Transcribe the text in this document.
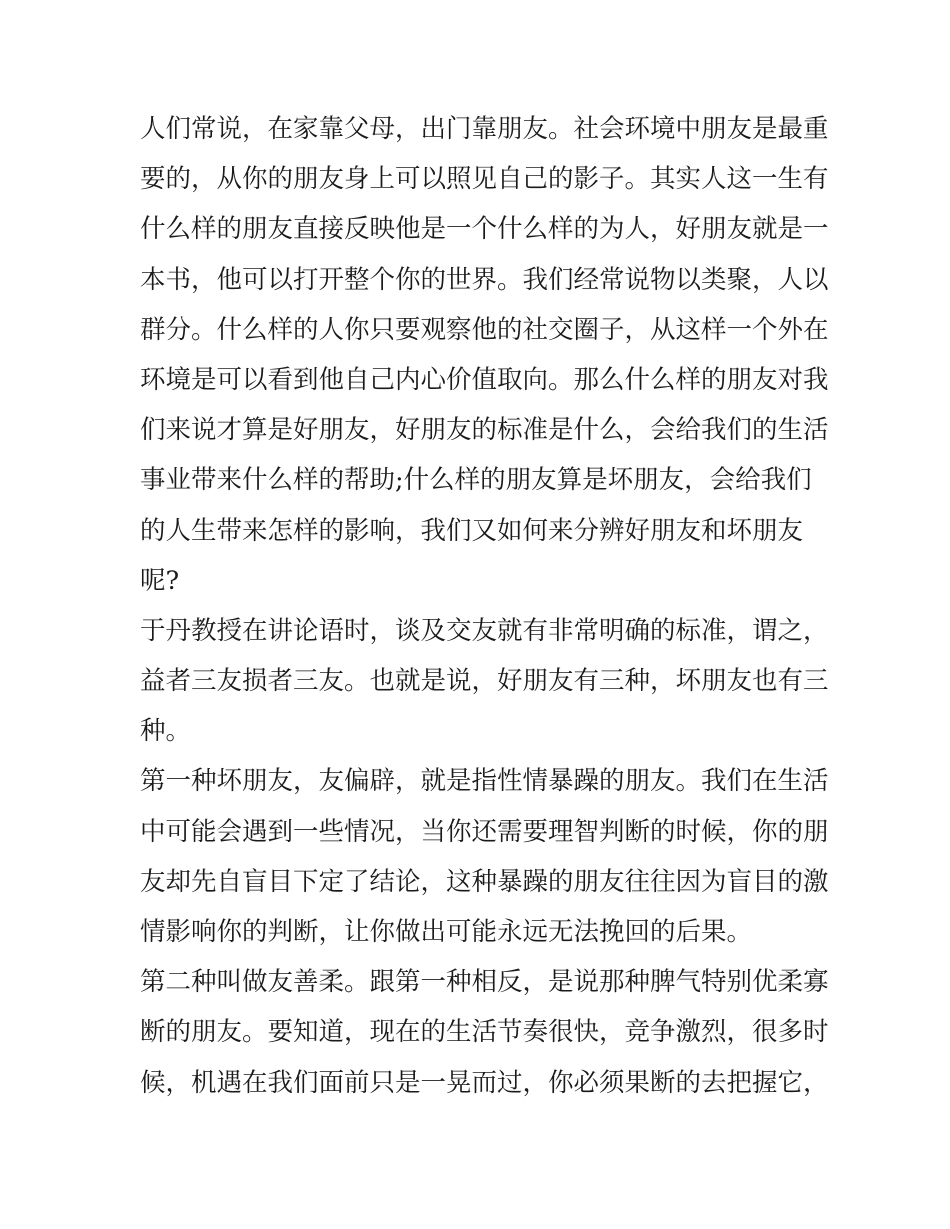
人们常说，在家靠父母，出门靠朋友。社会环境中朋友是最重
要的，从你的朋友身上可以照见自己的影子。其实人这一生有
什么样的朋友直接反映他是一个什么样的为人，好朋友就是一
本书，他可以打开整个你的世界。我们经常说物以类聚，人以
群分。什么样的人你只要观察他的社交圈子，从这样一个外在
环境是可以看到他自己内心价值取向。那么什么样的朋友对我
们来说才算是好朋友，好朋友的标准是什么，会给我们的生活
事业带来什么样的帮助;什么样的朋友算是坏朋友，会给我们
的人生带来怎样的影响，我们又如何来分辨好朋友和坏朋友
呢?

于丹教授在讲论语时，谈及交友就有非常明确的标准，谓之，
益者三友损者三友。也就是说，好朋友有三种，坏朋友也有三
种。

第一种坏朋友，友偏辟，就是指性情暴躁的朋友。我们在生活
中可能会遇到一些情况，当你还需要理智判断的时候，你的朋
友却先自盲目下定了结论，这种暴躁的朋友往往因为盲目的激
情影响你的判断，让你做出可能永远无法挽回的后果。

第二种叫做友善柔。跟第一种相反，是说那种脾气特别优柔寡
断的朋友。要知道，现在的生活节奏很快，竞争激烈，很多时
候，机遇在我们面前只是一晃而过，你必须果断的去把握它，
